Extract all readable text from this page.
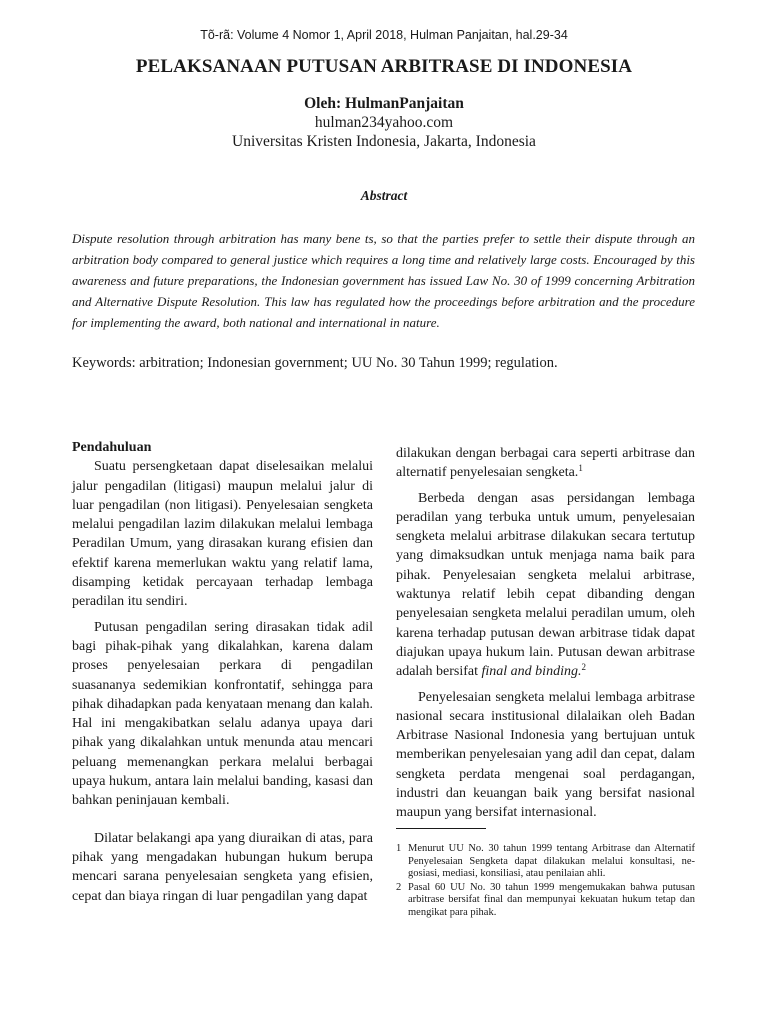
Tõ-rã: Volume 4 Nomor 1, April 2018, Hulman Panjaitan, hal.29-34
PELAKSANAAN PUTUSAN ARBITRASE DI INDONESIA
Oleh: HulmanPanjaitan
hulman234yahoo.com
Universitas Kristen Indonesia, Jakarta, Indonesia
Abstract
Dispute resolution through arbitration has many bene ts, so that the parties prefer to settle their dispute through an arbitration body compared to general justice which requires a long time and relatively large costs. Encouraged by this awareness and future preparations, the Indonesian government has issued Law No. 30 of 1999 concerning Arbitration and Alternative Dispute Resolution. This law has regulated how the proceedings before arbitration and the procedure for implementing the award, both national and international in nature.
Keywords: arbitration; Indonesian government; UU No. 30 Tahun 1999; regulation.

Pendahuluan

Suatu persengketaan dapat diselesaikan melalui jalur pengadilan (litigasi) maupun melalui jalur di luar pengadilan (non litigasi). Penyelesaian sengketa melalui pengadilan lazim dilakukan melalui lembaga Peradilan Umum, yang dirasakan kurang efisien dan efektif karena memerlukan waktu yang relatif lama, disamping ketidak percayaan terhadap lembaga peradilan itu sendiri.

Putusan pengadilan sering dirasakan tidak adil bagi pihak-pihak yang dikalahkan, karena dalam proses penyelesaian perkara di pengadilan suasananya sedemikian konfrontatif, sehingga para pihak dihadapkan pada kenyataan menang dan kalah. Hal ini mengakibatkan selalu adanya upaya dari pihak yang dikalahkan untuk menunda atau mencari peluang memenangkan perkara melalui berbagai upaya hukum, antara lain melalui banding, kasasi dan bahkan peninjauan kembali.

Dilatar belakangi apa yang diuraikan di atas, para pihak yang mengadakan hubungan hukum berupa mencari sarana penyelesaian sengketa yang efisien, cepat dan biaya ringan di luar pengadilan yang dapat

dilakukan dengan berbagai cara seperti arbitrase dan alternatif penyelesaian sengketa.$^1$

Berbeda dengan asas persidangan lembaga peradilan yang terbuka untuk umum, penyelesaian sengketa melalui arbitrase dilakukan secara tertutup yang dimaksudkan untuk menjaga nama baik para pihak. Penyelesaian sengketa melalui arbitrase, waktunya relatif lebih cepat dibanding dengan penyelesaian sengketa melalui peradilan umum, oleh karena terhadap putusan dewan arbitrase tidak dapat diajukan upaya hukum lain. Putusan dewan arbitrase adalah bersifat final and binding.$^2$

Penyelesaian sengketa melalui lembaga arbitrase nasional secara institusional dilalaikan oleh Badan Arbitrase Nasional Indonesia yang bertujuan untuk memberikan penyelesaian yang adil dan cepat, dalam sengketa perdata mengenai soal perdagangan, industri dan keuangan baik yang bersifat nasional maupun yang bersifat internasional.

1 Menurut UU No. 30 tahun 1999 tentang Arbitrase dan Alternatif Penyelesaian Sengketa dapat dilakukan melalui konsultasi, ne-gosiasi, mediasi, konsiliasi, atau penilaian ahli.
2 Pasal 60 UU No. 30 tahun 1999 mengemukakan bahwa putusan arbitrase bersifat final dan mempunyai kekuatan hukum tetap dan mengikat para pihak.
